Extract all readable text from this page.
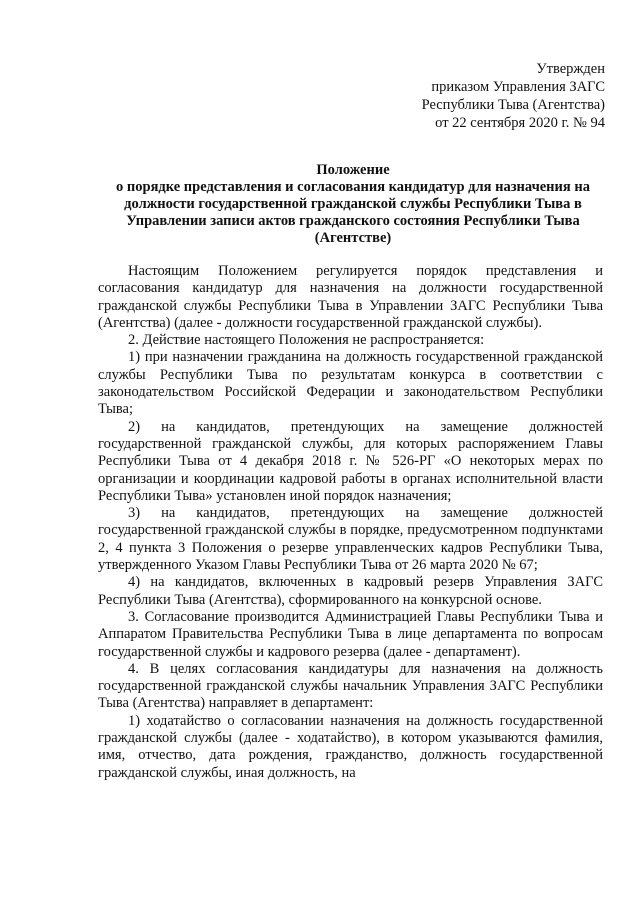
Утвержден
приказом Управления ЗАГС
Республики Тыва (Агентства)
от 22 сентября 2020 г. № 94
Положение
о порядке представления и согласования кандидатур для назначения на
должности государственной гражданской службы Республики Тыва в
Управлении записи актов гражданского состояния Республики Тыва
(Агентстве)

Настоящим Положением регулируется порядок представления и согласования кандидатур для назначения на должности государственной гражданской службы Республики Тыва в Управлении ЗАГС Республики Тыва (Агентства) (далее - должности государственной гражданской службы).

2. Действие настоящего Положения не распространяется:

1) при назначении гражданина на должность государственной гражданской службы Республики Тыва по результатам конкурса в соответствии с законодательством Российской Федерации и законодательством Республики Тыва;

2) на кандидатов, претендующих на замещение должностей государственной гражданской службы, для которых распоряжением Главы Республики Тыва от 4 декабря 2018 г. № 526-РГ «О некоторых мерах по организации и координации кадровой работы в органах исполнительной власти Республики Тыва» установлен иной порядок назначения;

3) на кандидатов, претендующих на замещение должностей государственной гражданской службы в порядке, предусмотренном подпунктами 2, 4 пункта 3 Положения о резерве управленческих кадров Республики Тыва, утвержденного Указом Главы Республики Тыва от 26 марта 2020 № 67;

4) на кандидатов, включенных в кадровый резерв Управления ЗАГС Республики Тыва (Агентства), сформированного на конкурсной основе.

3. Согласование производится Администрацией Главы Республики Тыва и Аппаратом Правительства Республики Тыва в лице департамента по вопросам государственной службы и кадрового резерва (далее - департамент).

4. В целях согласования кандидатуры для назначения на должность государственной гражданской службы начальник Управления ЗАГС Республики Тыва (Агентства) направляет в департамент:

1) ходатайство о согласовании назначения на должность государственной гражданской службы (далее - ходатайство), в котором указываются фамилия, имя, отчество, дата рождения, гражданство, должность государственной гражданской службы, иная должность, на
